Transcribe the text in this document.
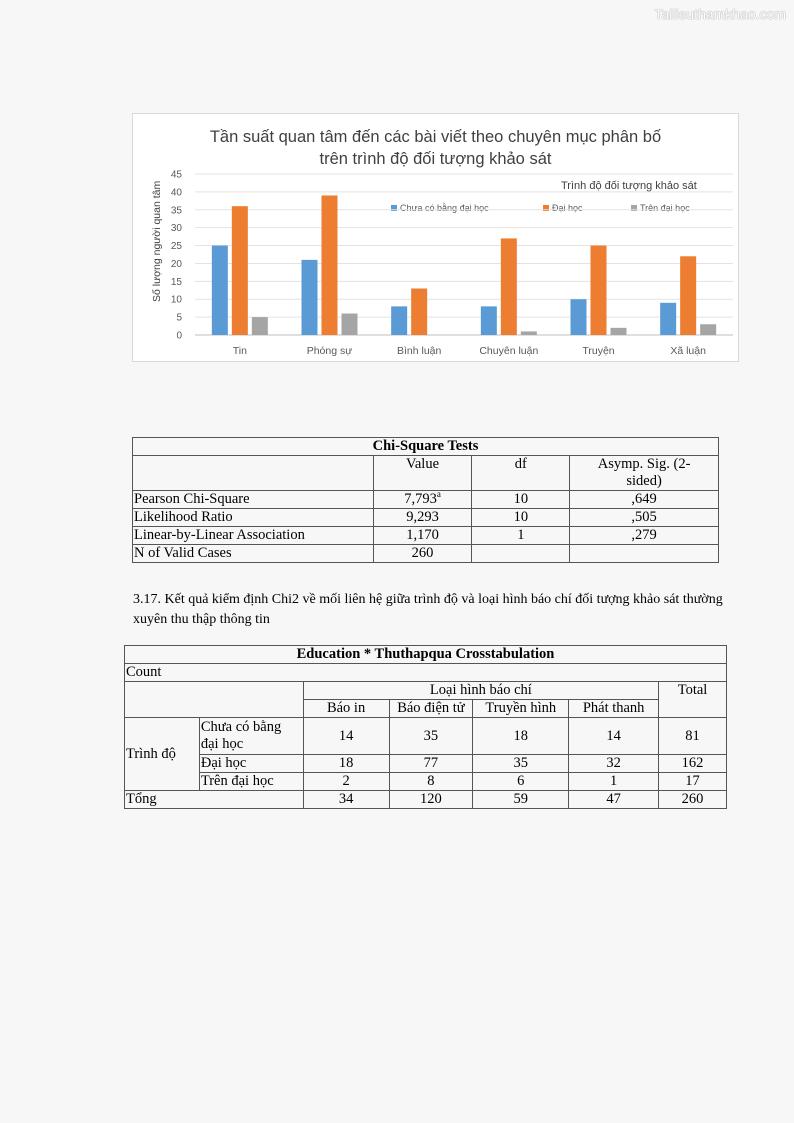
Tailieuthamkhao.com
Tần suất quan tâm đến các bài viết theo chuyên mục phân bố
trên trình độ đối tượng khảo sát
Trình độ đối tượng khảo sát
Chưa có bằng đại học	Đại học	Trên đại học
Số lượng người quan tâm
0
5
10
15
20
25
30
35
40
45
Tin	Phóng sự	Bình luận	Chuyên luận	Truyện	Xã luận
Chi-Square Tests			
	Value	df	Asymp. Sig. (2-
sided)

Pearson Chi-Square	7,793$^a$	10	,649
Likelihood Ratio	9,293	10	,505
Linear-by-Linear Association	1,170	1	,279
N of Valid Cases	260		
3.17. Kết quả kiểm định Chi2 về mối liên hệ giữa trình độ và loại hình báo chí đối tượng khảo sát thường xuyên thu thập thông tin
Education * Thuthapqua Crosstabulation						
Count						
		Loại hình báo chí				Total
		Báo in	Báo điện tử	Truyền hình	Phát thanh	
Trình độ	Chưa có bằng đại học	14	35	18	14	81
	Đại học	18	77	35	32	162
	Trên đại học	2	8	6	1	17
Tổng		34	120	59	47	260
